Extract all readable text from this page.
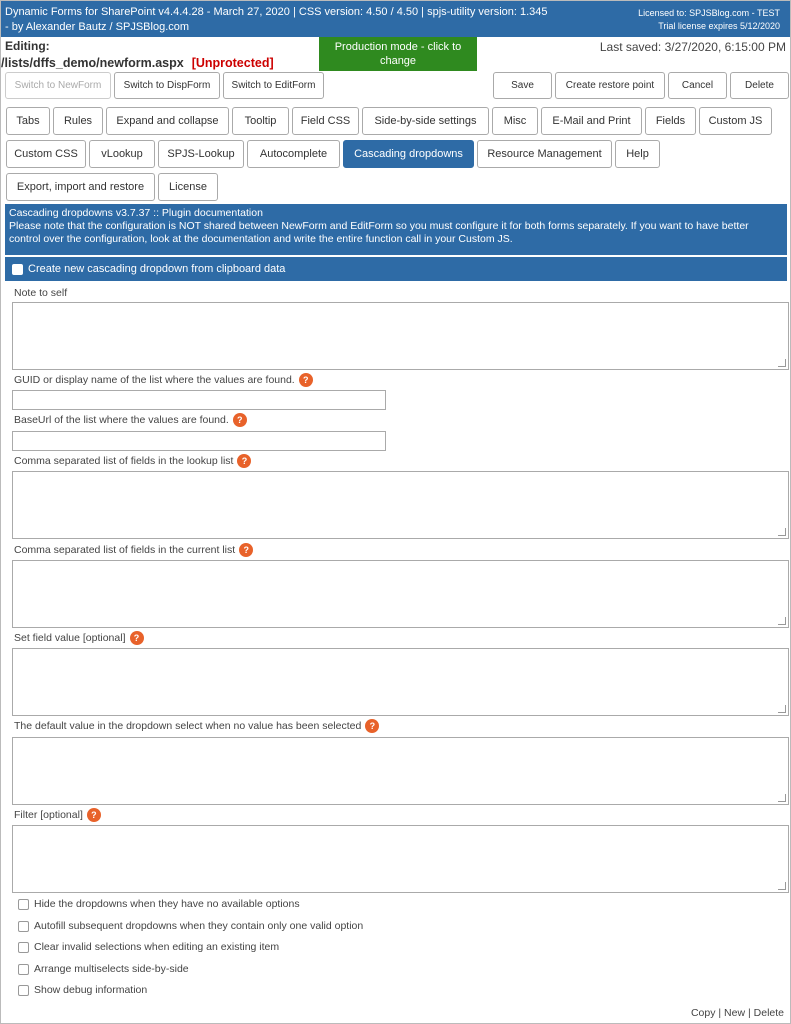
Dynamic Forms for SharePoint v4.4.4.28 - March 27, 2020 | CSS version: 4.50 / 4.50 | spjs-utility version: 1.345
- by Alexander Bautz / SPJSBlog.com
Licensed to: SPJSBlog.com - TEST
Trial license expires 5/12/2020
Editing:
/lists/dffs_demo/newform.aspx [Unprotected]
Production mode - click to change
Last saved: 3/27/2020, 6:15:00 PM
Switch to NewForm	Switch to DispForm	Switch to EditForm	Save	Create restore point	Cancel	Delete
Tabs	Rules	Expand and collapse	Tooltip	Field CSS	Side-by-side settings	Misc	E-Mail and Print	Fields	Custom JS
Custom CSS	vLookup	SPJS-Lookup	Autocomplete	Cascading dropdowns	Resource Management	Help
Export, import and restore	License
Cascading dropdowns v3.7.37 :: Plugin documentation
Please note that the configuration is NOT shared between NewForm and EditForm so you must configure it for both forms separately. If you want to have better control over the configuration, look at the documentation and write the entire function call in your Custom JS.
Create new cascading dropdown from clipboard data
Note to self
GUID or display name of the list where the values are found. ?
BaseUrl of the list where the values are found. ?
Comma separated list of fields in the lookup list ?
Comma separated list of fields in the current list ?
Set field value [optional] ?
The default value in the dropdown select when no value has been selected ?
Filter [optional] ?
Hide the dropdowns when they have no available options
Autofill subsequent dropdowns when they contain only one valid option
Clear invalid selections when editing an existing item
Arrange multiselects side-by-side
Show debug information
Copy | New | Delete
